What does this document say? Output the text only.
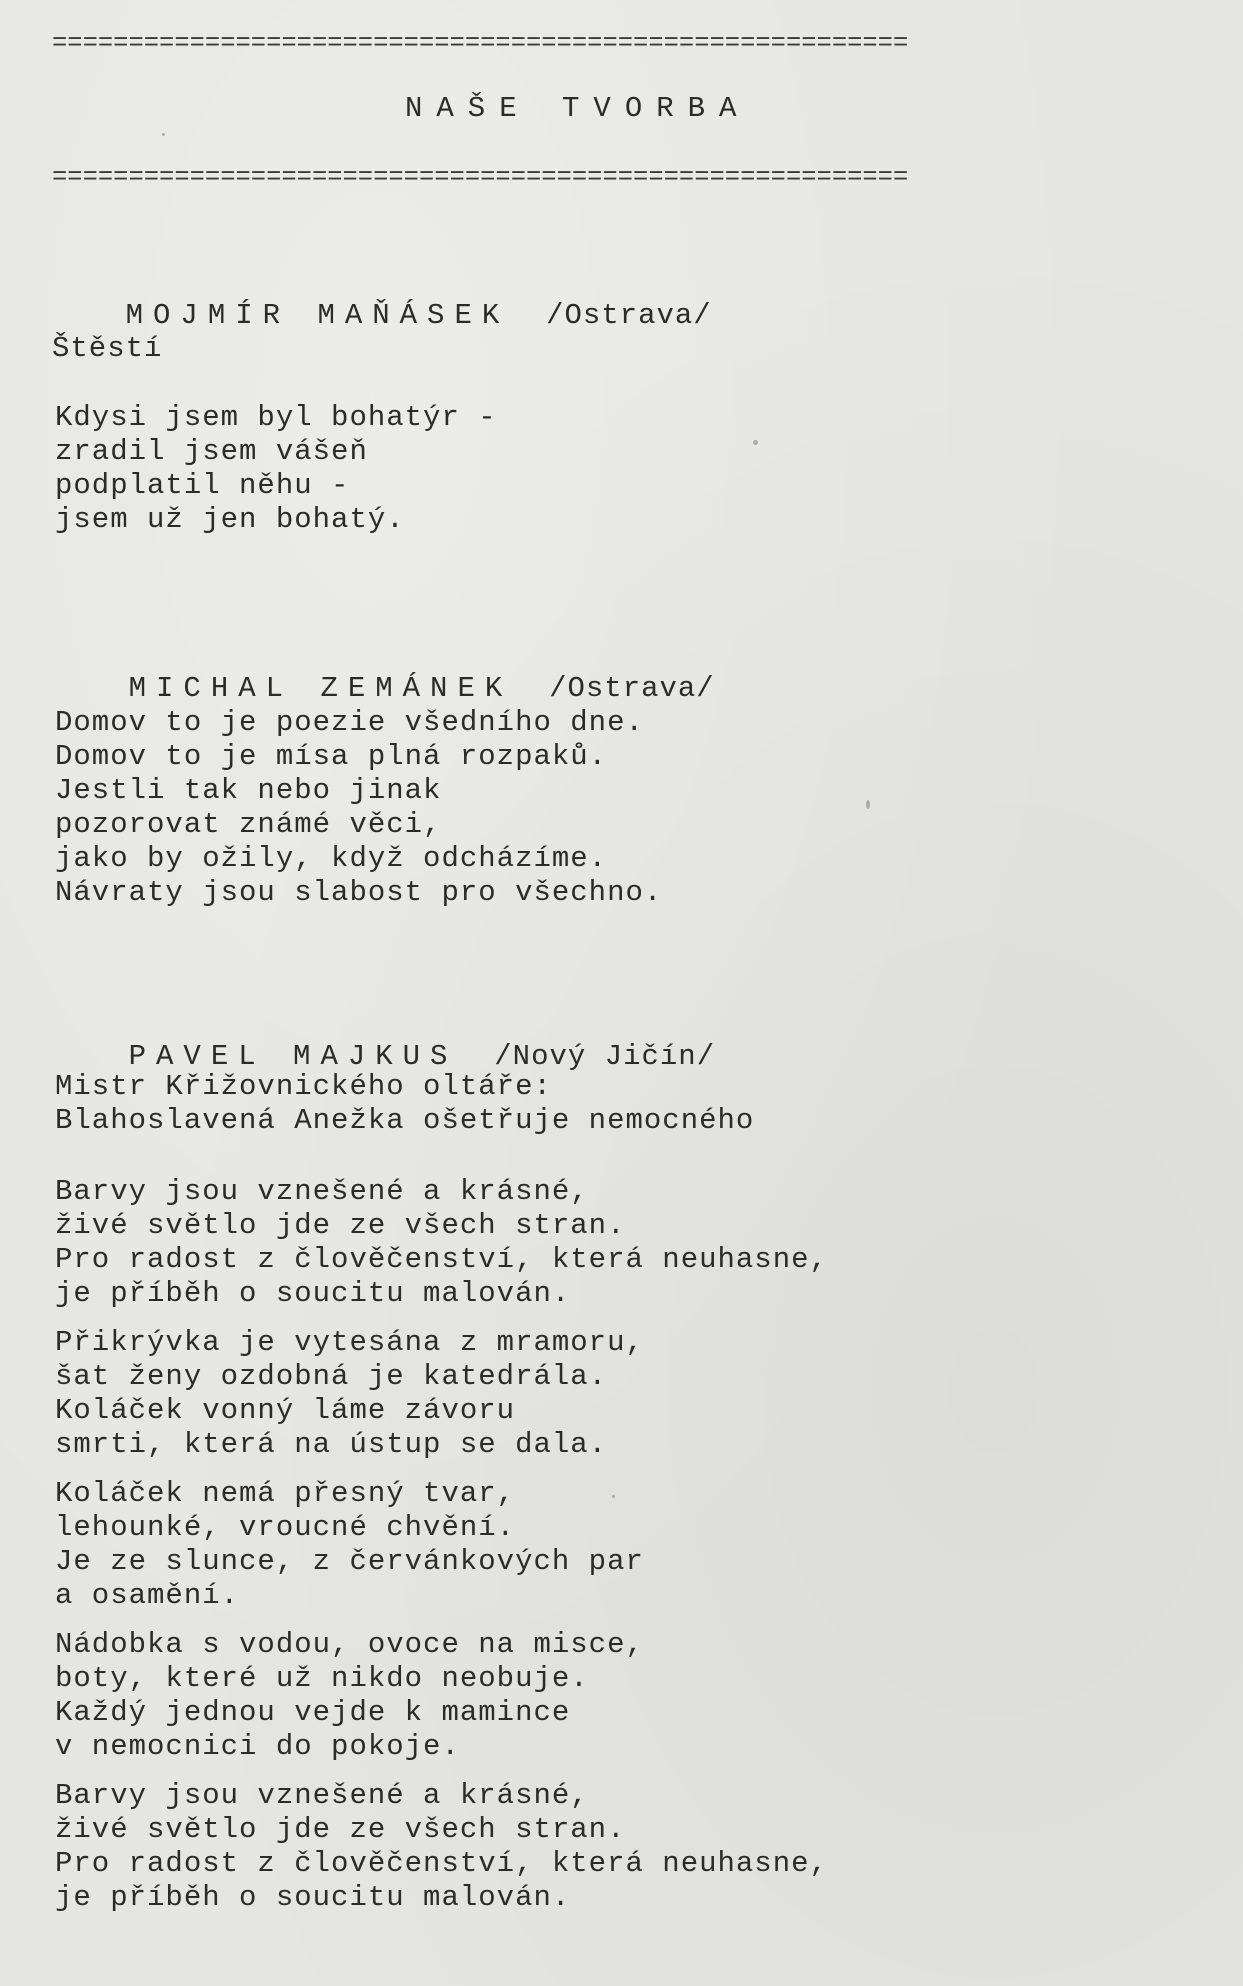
========================================================
NAŠE TVORBA
========================================================

MOJMÍR MAŇÁSEK /Ostrava/

Štěstí
Kdysi jsem byl bohatýr -
zradil jsem vášeň
podplatil něhu -
jsem už jen bohatý.

MICHAL ZEMÁNEK /Ostrava/

Domov to je poezie všedního dne.
Domov to je mísa plná rozpaků.
Jestli tak nebo jinak
pozorovat známé věci,
jako by ožily, když odcházíme.
Návraty jsou slabost pro všechno.

PAVEL MAJKUS /Nový Jičín/

Mistr Křižovnického oltáře:
Blahoslavená Anežka ošetřuje nemocného
Barvy jsou vznešené a krásné,
živé světlo jde ze všech stran.
Pro radost z člověčenství, která neuhasne,
je příběh o soucitu malován.
Přikrývka je vytesána z mramoru,
šat ženy ozdobná je katedrála.
Koláček vonný láme závoru
smrti, která na ústup se dala.
Koláček nemá přesný tvar,
lehounké, vroucné chvění.
Je ze slunce, z červánkových par
a osamění.
Nádobka s vodou, ovoce na misce,
boty, které už nikdo neobuje.
Každý jednou vejde k mamince
v nemocnici do pokoje.
Barvy jsou vznešené a krásné,
živé světlo jde ze všech stran.
Pro radost z člověčenství, která neuhasne,
je příběh o soucitu malován.
